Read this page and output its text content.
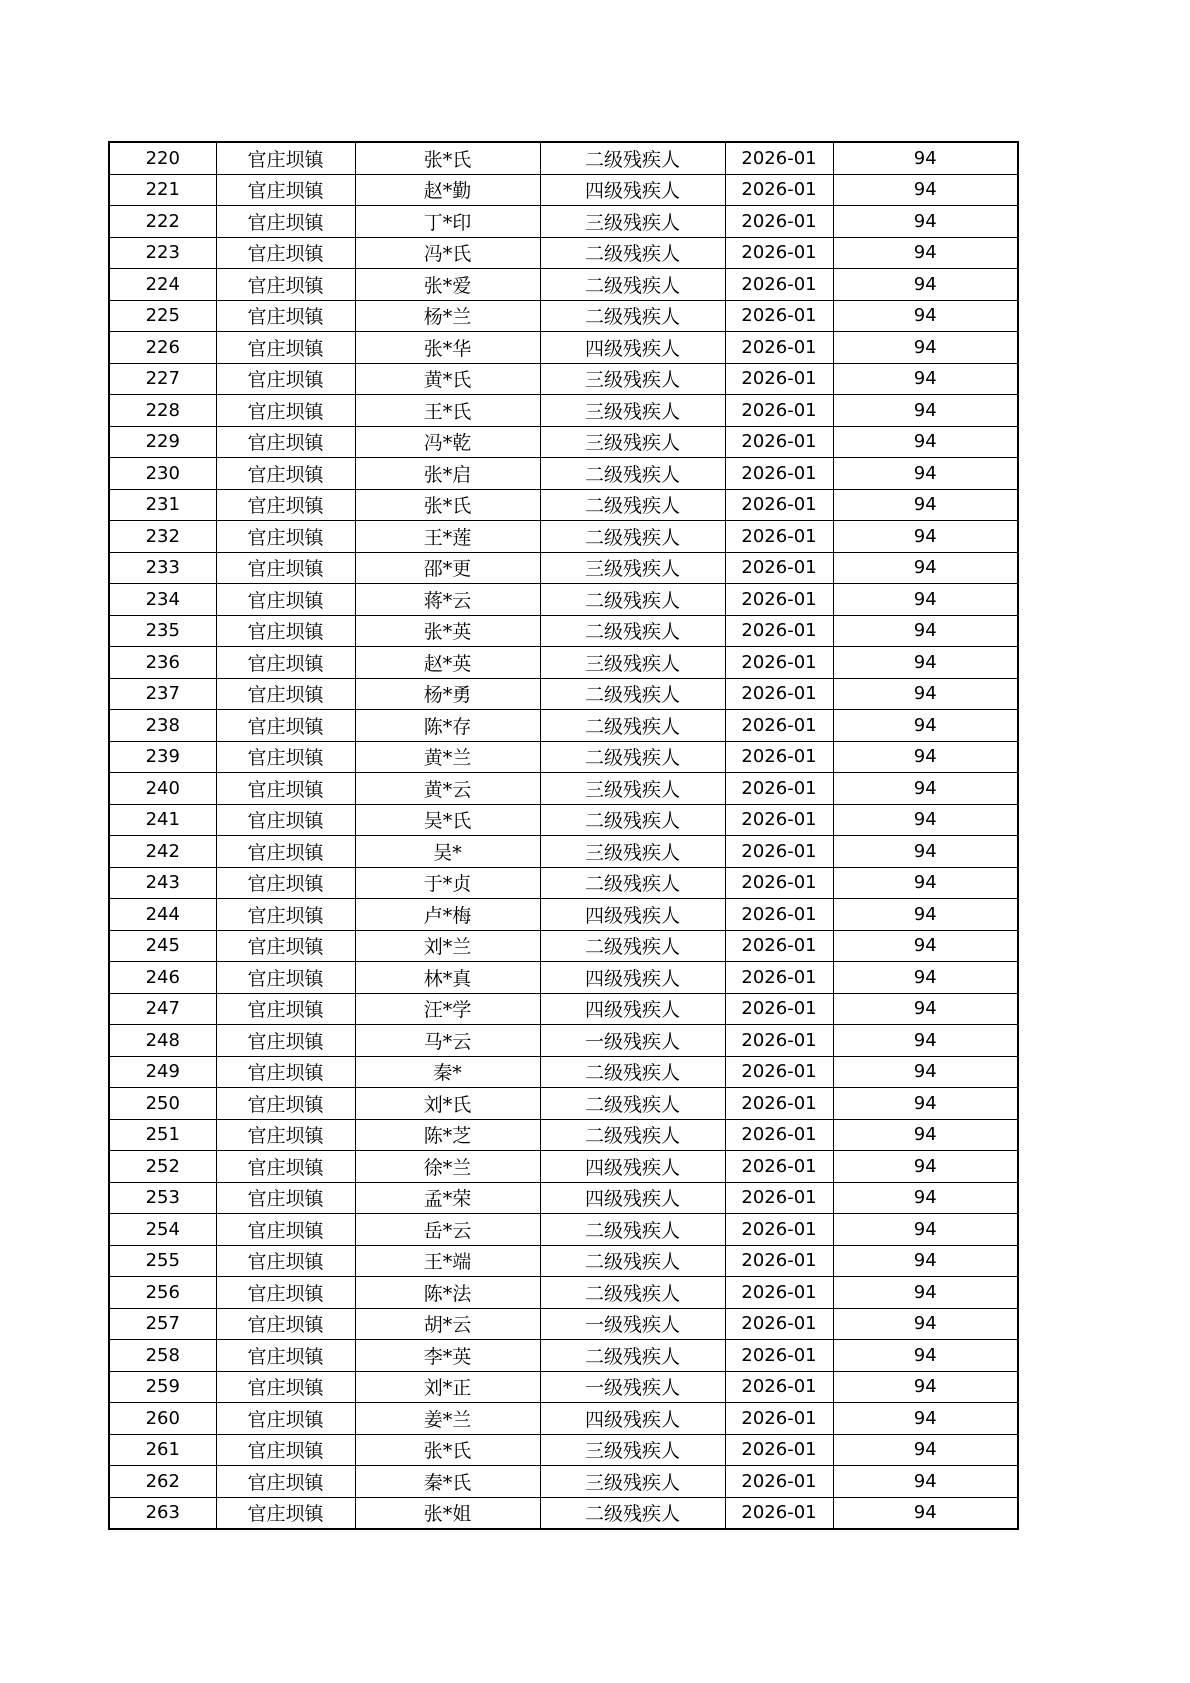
220	官庄坝镇	张*氏	二级残疾人	2026-01	94
221	官庄坝镇	赵*勤	四级残疾人	2026-01	94
222	官庄坝镇	丁*印	三级残疾人	2026-01	94
223	官庄坝镇	冯*氏	二级残疾人	2026-01	94
224	官庄坝镇	张*爱	二级残疾人	2026-01	94
225	官庄坝镇	杨*兰	二级残疾人	2026-01	94
226	官庄坝镇	张*华	四级残疾人	2026-01	94
227	官庄坝镇	黄*氏	三级残疾人	2026-01	94
228	官庄坝镇	王*氏	三级残疾人	2026-01	94
229	官庄坝镇	冯*乾	三级残疾人	2026-01	94
230	官庄坝镇	张*启	二级残疾人	2026-01	94
231	官庄坝镇	张*氏	二级残疾人	2026-01	94
232	官庄坝镇	王*莲	二级残疾人	2026-01	94
233	官庄坝镇	邵*更	三级残疾人	2026-01	94
234	官庄坝镇	蒋*云	二级残疾人	2026-01	94
235	官庄坝镇	张*英	二级残疾人	2026-01	94
236	官庄坝镇	赵*英	三级残疾人	2026-01	94
237	官庄坝镇	杨*勇	二级残疾人	2026-01	94
238	官庄坝镇	陈*存	二级残疾人	2026-01	94
239	官庄坝镇	黄*兰	二级残疾人	2026-01	94
240	官庄坝镇	黄*云	三级残疾人	2026-01	94
241	官庄坝镇	吴*氏	二级残疾人	2026-01	94
242	官庄坝镇	吴*	三级残疾人	2026-01	94
243	官庄坝镇	于*贞	二级残疾人	2026-01	94
244	官庄坝镇	卢*梅	四级残疾人	2026-01	94
245	官庄坝镇	刘*兰	二级残疾人	2026-01	94
246	官庄坝镇	林*真	四级残疾人	2026-01	94
247	官庄坝镇	汪*学	四级残疾人	2026-01	94
248	官庄坝镇	马*云	一级残疾人	2026-01	94
249	官庄坝镇	秦*	二级残疾人	2026-01	94
250	官庄坝镇	刘*氏	二级残疾人	2026-01	94
251	官庄坝镇	陈*芝	二级残疾人	2026-01	94
252	官庄坝镇	徐*兰	四级残疾人	2026-01	94
253	官庄坝镇	孟*荣	四级残疾人	2026-01	94
254	官庄坝镇	岳*云	二级残疾人	2026-01	94
255	官庄坝镇	王*端	二级残疾人	2026-01	94
256	官庄坝镇	陈*法	二级残疾人	2026-01	94
257	官庄坝镇	胡*云	一级残疾人	2026-01	94
258	官庄坝镇	李*英	二级残疾人	2026-01	94
259	官庄坝镇	刘*正	一级残疾人	2026-01	94
260	官庄坝镇	姜*兰	四级残疾人	2026-01	94
261	官庄坝镇	张*氏	三级残疾人	2026-01	94
262	官庄坝镇	秦*氏	三级残疾人	2026-01	94
263	官庄坝镇	张*姐	二级残疾人	2026-01	94
